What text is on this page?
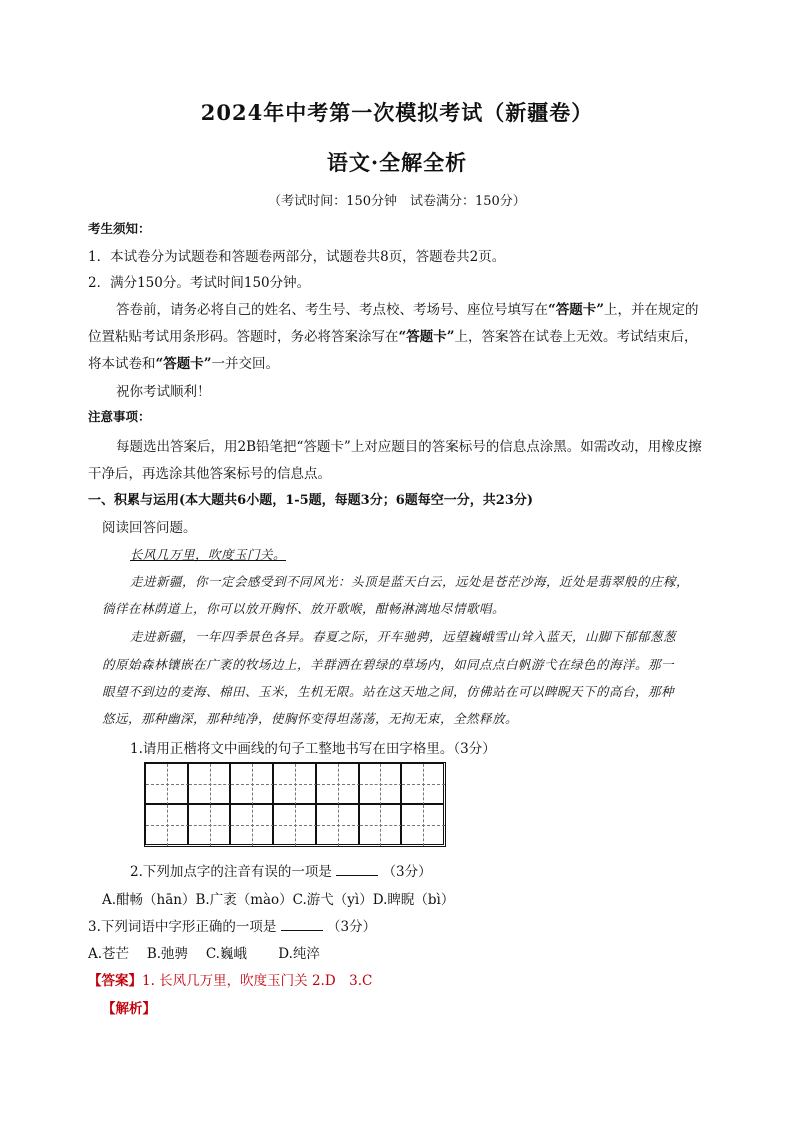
2024年中考第一次模拟考试（新疆卷）
语文·全解全析
（考试时间：150分钟　试卷满分：150分）
考生须知：
1．本试卷分为试题卷和答题卷两部分，试题卷共8页，答题卷共2页。
2．满分150分。考试时间150分钟。
答卷前，请务必将自己的姓名、考生号、考点校、考场号、座位号填写在“答题卡”上，并在规定的
位置粘贴考试用条形码。答题时，务必将答案涂写在“答题卡”上，答案答在试卷上无效。考试结束后，
将本试卷和“答题卡”一并交回。
祝你考试顺利！
注意事项：
每题选出答案后，用2B铅笔把“答题卡”上对应题目的答案标号的信息点涂黑。如需改动，用橡皮擦
干净后，再选涂其他答案标号的信息点。
一、积累与运用(本大题共6小题，1-5题，每题3分；6题每空一分，共23分)
阅读回答问题。
长风几万里，吹度玉门关。
走进新疆，你一定会感受到不同风光：头顶是蓝天白云，远处是苍茫沙海，近处是翡翠般的庄稼，
徜徉在林荫道上，你可以放开胸怀、放开歌喉，酣畅淋漓地尽情歌唱。
走进新疆，一年四季景色各异。春夏之际，开车驰骋，远望巍峨雪山耸入蓝天，山脚下郁郁葱葱
的原始森林镶嵌在广袤的牧场边上，羊群洒在碧绿的草场内，如同点点白帆游弋在绿色的海洋。那一
眼望不到边的麦海、棉田、玉米，生机无限。站在这天地之间，仿佛站在可以睥睨天下的高台，那种
悠远，那种幽深，那种纯净，使胸怀变得坦荡荡，无拘无束，全然释放。
1.请用正楷将文中画线的句子工整地书写在田字格里。（3分）
2.下列加点字的注音有误的一项是	（3分）
A.酣畅（hān）B.广袤（mào）C.游弋（yì）D.睥睨（bì）
3.下列词语中字形正确的一项是	（3分）
A.苍芒　 B.弛骋　 C.巍峨　　 D.纯淬
【答案】1. 长风几万里，吹度玉门关 2.D　3.C
【解析】
